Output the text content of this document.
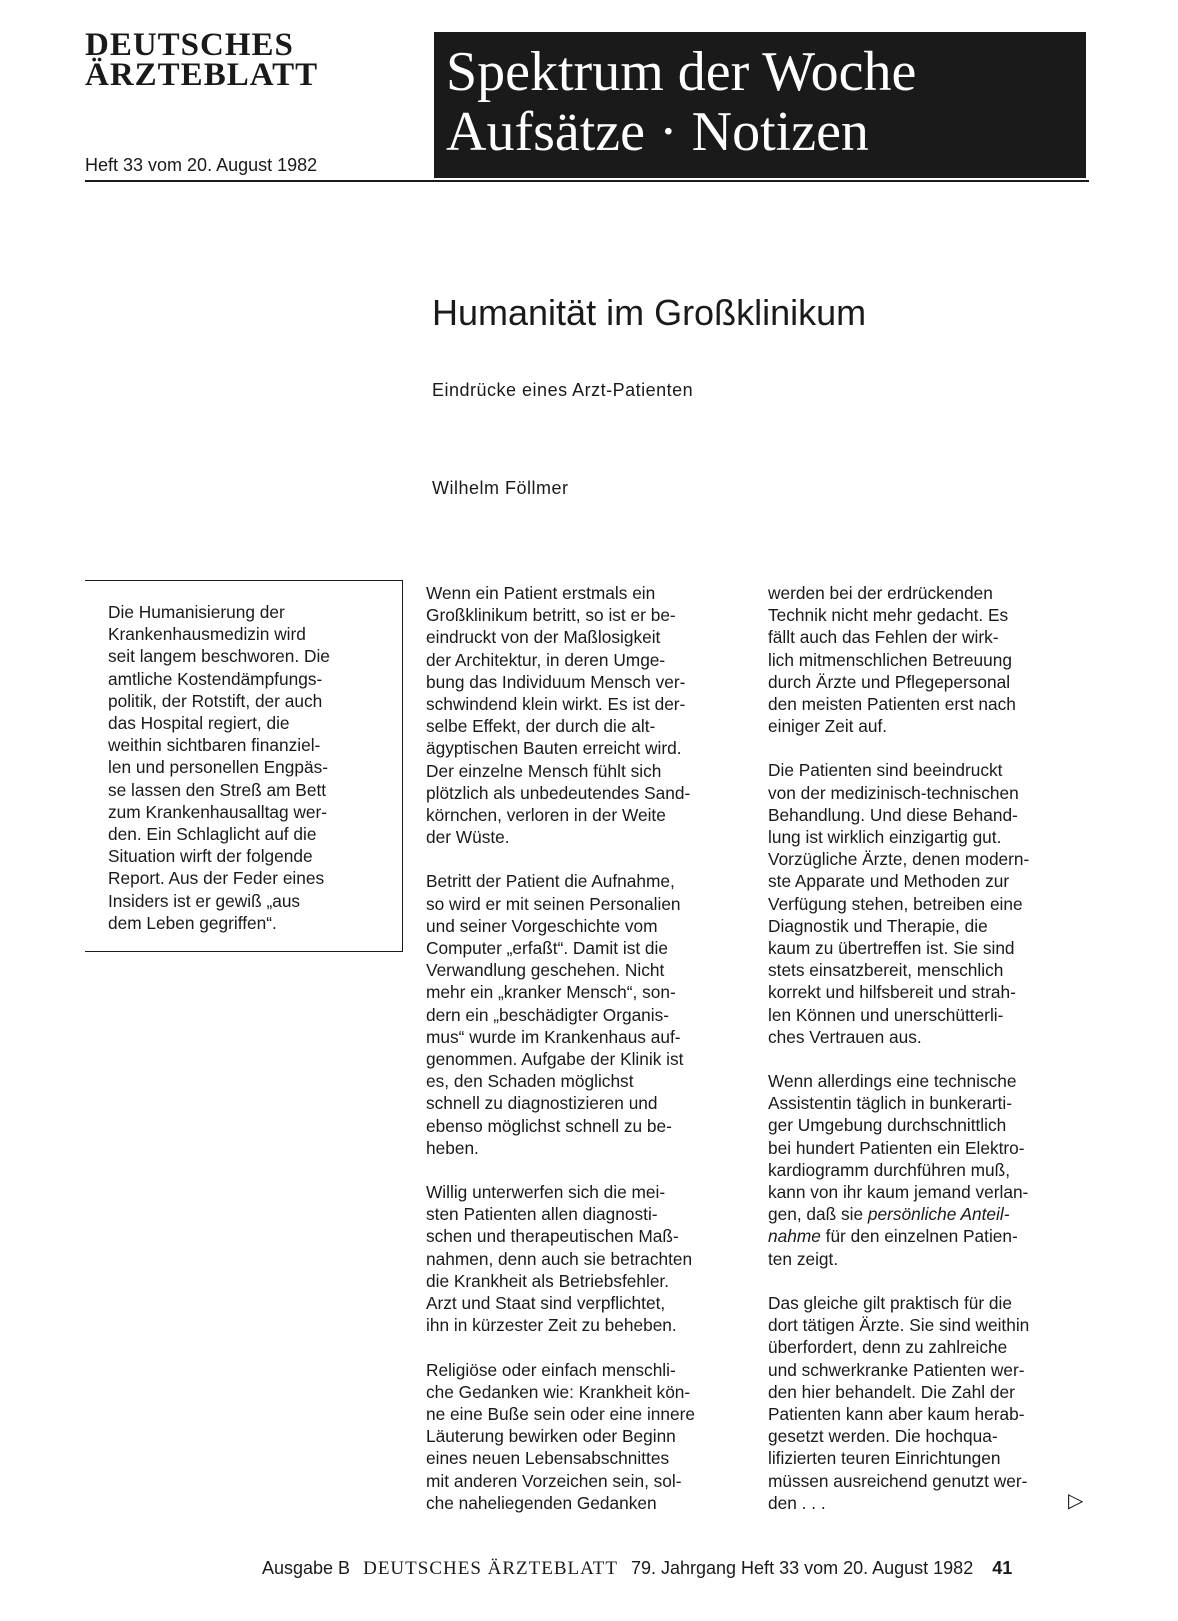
DEUTSCHES
ÄRZTEBLATT
Heft 33 vom 20. August 1982
Spektrum der Woche
Aufsätze · Notizen
Humanität im Großklinikum
Eindrücke eines Arzt-Patienten
Wilhelm Föllmer
Die Humanisierung der
Krankenhausmedizin wird
seit langem beschworen. Die
amtliche Kostendämpfungs-
politik, der Rotstift, der auch
das Hospital regiert, die
weithin sichtbaren finanziel-
len und personellen Engpäs-
se lassen den Streß am Bett
zum Krankenhausalltag wer-
den. Ein Schlaglicht auf die
Situation wirft der folgende
Report. Aus der Feder eines
Insiders ist er gewiß „aus
dem Leben gegriffen“.
Wenn ein Patient erstmals ein
Großklinikum betritt, so ist er be-
eindruckt von der Maßlosigkeit
der Architektur, in deren Umge-
bung das Individuum Mensch ver-
schwindend klein wirkt. Es ist der-
selbe Effekt, der durch die alt-
ägyptischen Bauten erreicht wird.
Der einzelne Mensch fühlt sich
plötzlich als unbedeutendes Sand-
körnchen, verloren in der Weite
der Wüste.
Betritt der Patient die Aufnahme,
so wird er mit seinen Personalien
und seiner Vorgeschichte vom
Computer „erfaßt“. Damit ist die
Verwandlung geschehen. Nicht
mehr ein „kranker Mensch“, son-
dern ein „beschädigter Organis-
mus“ wurde im Krankenhaus auf-
genommen. Aufgabe der Klinik ist
es, den Schaden möglichst
schnell zu diagnostizieren und
ebenso möglichst schnell zu be-
heben.
Willig unterwerfen sich die mei-
sten Patienten allen diagnosti-
schen und therapeutischen Maß-
nahmen, denn auch sie betrachten
die Krankheit als Betriebsfehler.
Arzt und Staat sind verpflichtet,
ihn in kürzester Zeit zu beheben.
Religiöse oder einfach menschli-
che Gedanken wie: Krankheit kön-
ne eine Buße sein oder eine innere
Läuterung bewirken oder Beginn
eines neuen Lebensabschnittes
mit anderen Vorzeichen sein, sol-
che naheliegenden Gedanken
werden bei der erdrückenden
Technik nicht mehr gedacht. Es
fällt auch das Fehlen der wirk-
lich mitmenschlichen Betreuung
durch Ärzte und Pflegepersonal
den meisten Patienten erst nach
einiger Zeit auf.
Die Patienten sind beeindruckt
von der medizinisch-technischen
Behandlung. Und diese Behand-
lung ist wirklich einzigartig gut.
Vorzügliche Ärzte, denen modern-
ste Apparate und Methoden zur
Verfügung stehen, betreiben eine
Diagnostik und Therapie, die
kaum zu übertreffen ist. Sie sind
stets einsatzbereit, menschlich
korrekt und hilfsbereit und strah-
len Können und unerschütterli-
ches Vertrauen aus.
Wenn allerdings eine technische
Assistentin täglich in bunkerarti-
ger Umgebung durchschnittlich
bei hundert Patienten ein Elektro-
kardiogramm durchführen muß,
kann von ihr kaum jemand verlan-
gen, daß sie persönliche Anteil-
nahme für den einzelnen Patien-
ten zeigt.
Das gleiche gilt praktisch für die
dort tätigen Ärzte. Sie sind weithin
überfordert, denn zu zahlreiche
und schwerkranke Patienten wer-
den hier behandelt. Die Zahl der
Patienten kann aber kaum herab-
gesetzt werden. Die hochqua-
lifizierten teuren Einrichtungen
müssen ausreichend genutzt wer-
den . . .	▷
Ausgabe B DEUTSCHES ÄRZTEBLATT 79. Jahrgang Heft 33 vom 20. August 1982 41
